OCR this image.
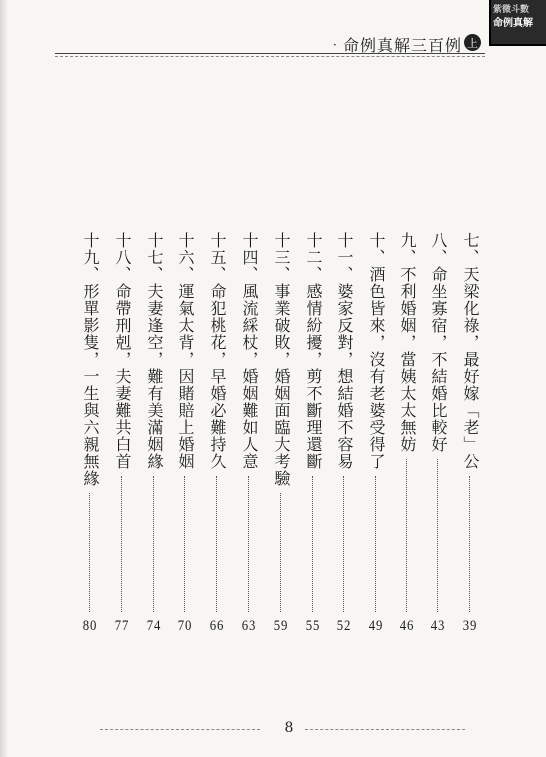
紫微斗數
命例真解
· 命例真解三百例 上
七、天梁化祿，最好嫁「老」公
39
八、命坐寡宿，不結婚比較好
43
九、不利婚姻，當姨太太無妨
46
十、酒色皆來，沒有老婆受得了
49
十一、婆家反對，想結婚不容易
52
十二、感情紛擾，剪不斷理還斷
55
十三、事業破敗，婚姻面臨大考驗
59
十四、風流綵杖，婚姻難如人意
63
十五、命犯桃花，早婚必難持久
66
十六、運氣太背，因賭賠上婚姻
70
十七、夫妻逢空，難有美滿姻緣
74
十八、命帶刑剋，夫妻難共白首
77
十九、形單影隻，一生與六親無緣
80
8
